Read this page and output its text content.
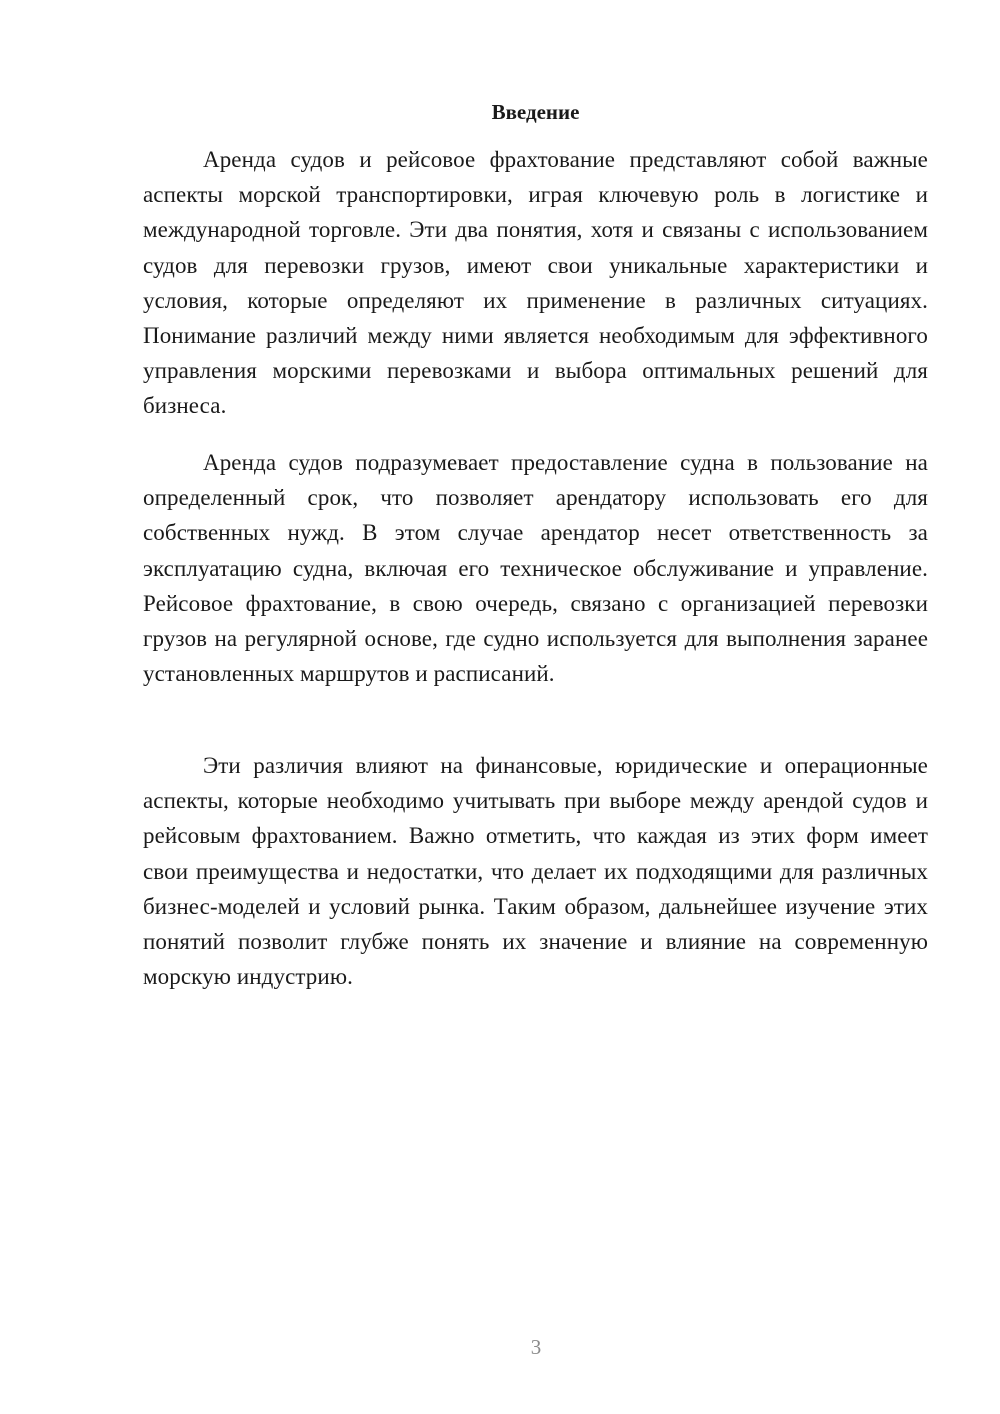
Введение

Аренда судов и рейсовое фрахтование представляют собой важные аспекты морской транспортировки, играя ключевую роль в логистике и международной торговле. Эти два понятия, хотя и связаны с использованием судов для перевозки грузов, имеют свои уникальные характеристики и условия, которые определяют их применение в различных ситуациях. Понимание различий между ними является необходимым для эффективного управления морскими перевозками и выбора оптимальных решений для бизнеса.

Аренда судов подразумевает предоставление судна в пользование на определенный срок, что позволяет арендатору использовать его для собственных нужд. В этом случае арендатор несет ответственность за эксплуатацию судна, включая его техническое обслуживание и управление. Рейсовое фрахтование, в свою очередь, связано с организацией перевозки грузов на регулярной основе, где судно используется для выполнения заранее установленных маршрутов и расписаний.

Эти различия влияют на финансовые, юридические и операционные аспекты, которые необходимо учитывать при выборе между арендой судов и рейсовым фрахтованием. Важно отметить, что каждая из этих форм имеет свои преимущества и недостатки, что делает их подходящими для различных бизнес-моделей и условий рынка. Таким образом, дальнейшее изучение этих понятий позволит глубже понять их значение и влияние на современную морскую индустрию.

3
